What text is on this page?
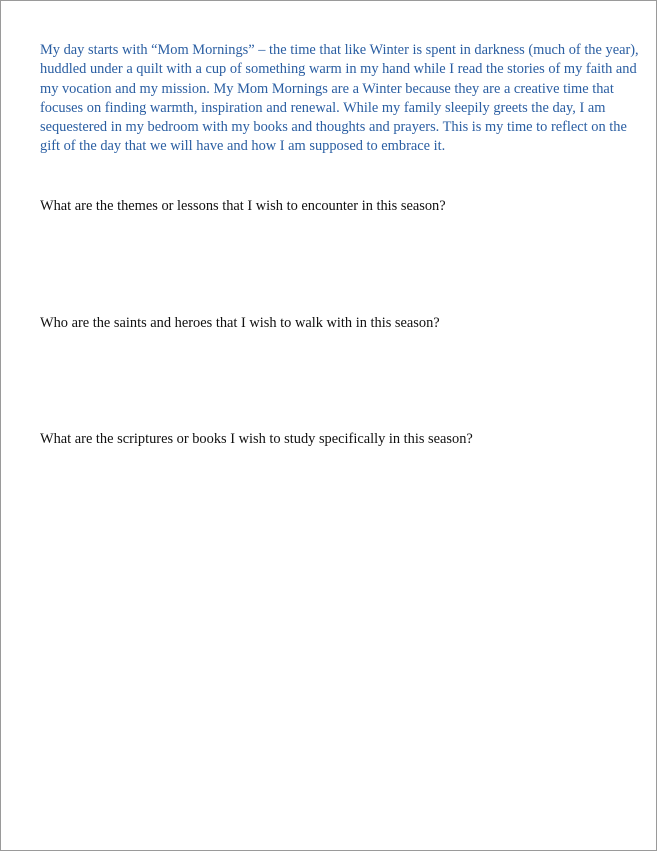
My day starts with “Mom Mornings” – the time that like Winter is spent in darkness (much of the year), huddled under a quilt with a cup of something warm in my hand while I read the stories of my faith and my vocation and my mission. My Mom Mornings are a Winter because they are a creative time that focuses on finding warmth, inspiration and renewal. While my family sleepily greets the day, I am sequestered in my bedroom with my books and thoughts and prayers. This is my time to reflect on the gift of the day that we will have and how I am supposed to embrace it.

What are the themes or lessons that I wish to encounter in this season?

Who are the saints and heroes that I wish to walk with in this season?

What are the scriptures or books I wish to study specifically in this season?
